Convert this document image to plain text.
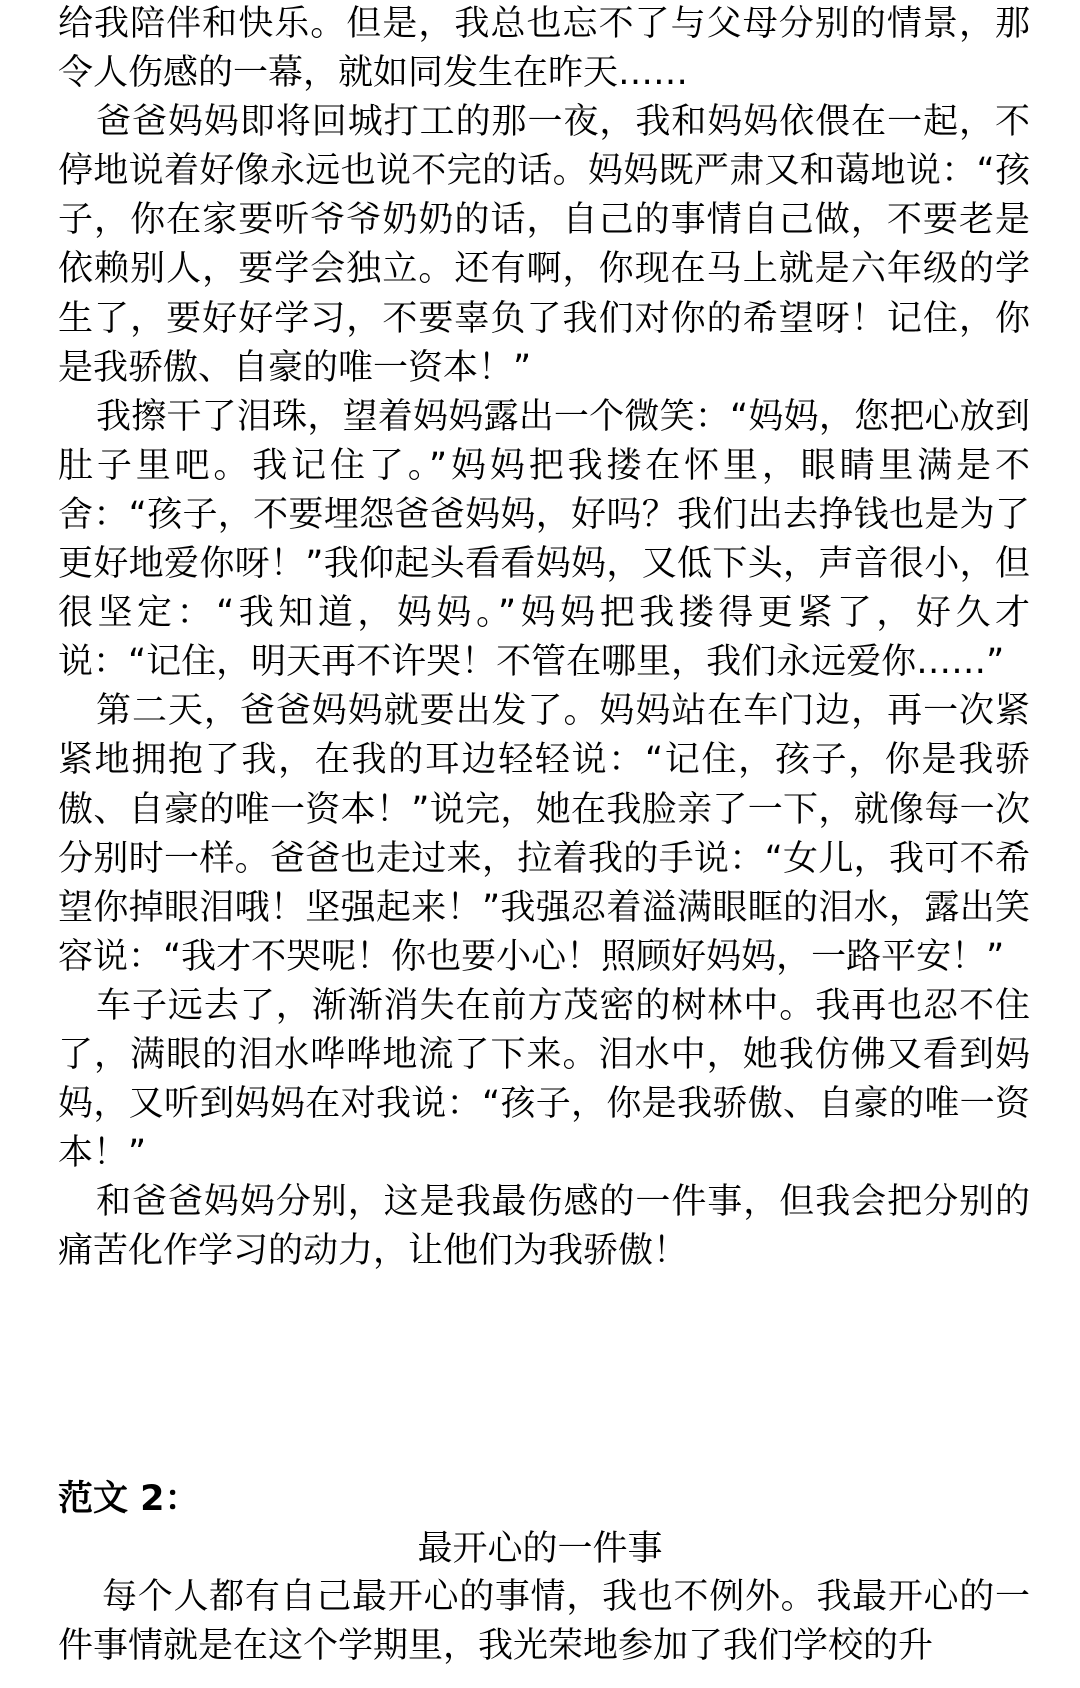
给我陪伴和快乐。但是，我总也忘不了与父母分别的情景，那令人伤感的一幕，就如同发生在昨天……

爸爸妈妈即将回城打工的那一夜，我和妈妈依偎在一起，不停地说着好像永远也说不完的话。妈妈既严肃又和蔼地说：“孩子，你在家要听爷爷奶奶的话，自己的事情自己做，不要老是依赖别人，要学会独立。还有啊，你现在马上就是六年级的学生了，要好好学习，不要辜负了我们对你的希望呀！记住，你是我骄傲、自豪的唯一资本！”

我擦干了泪珠，望着妈妈露出一个微笑：“妈妈，您把心放到肚子里吧。我记住了。”妈妈把我搂在怀里，眼睛里满是不舍：“孩子，不要埋怨爸爸妈妈，好吗？我们出去挣钱也是为了更好地爱你呀！”我仰起头看看妈妈，又低下头，声音很小，但很坚定：“我知道，妈妈。”妈妈把我搂得更紧了，好久才说：“记住，明天再不许哭！不管在哪里，我们永远爱你……”

第二天，爸爸妈妈就要出发了。妈妈站在车门边，再一次紧紧地拥抱了我，在我的耳边轻轻说：“记住，孩子，你是我骄傲、自豪的唯一资本！”说完，她在我脸亲了一下，就像每一次分别时一样。爸爸也走过来，拉着我的手说：“女儿，我可不希望你掉眼泪哦！坚强起来！”我强忍着溢满眼眶的泪水，露出笑容说：“我才不哭呢！你也要小心！照顾好妈妈，一路平安！”

车子远去了，渐渐消失在前方茂密的树林中。我再也忍不住了，满眼的泪水哗哗地流了下来。泪水中，她我仿佛又看到妈妈，又听到妈妈在对我说：“孩子，你是我骄傲、自豪的唯一资本！”

和爸爸妈妈分别，这是我最伤感的一件事，但我会把分别的痛苦化作学习的动力，让他们为我骄傲！

范文 2：
最开心的一件事

每个人都有自己最开心的事情，我也不例外。我最开心的一件事情就是在这个学期里，我光荣地参加了我们学校的升
